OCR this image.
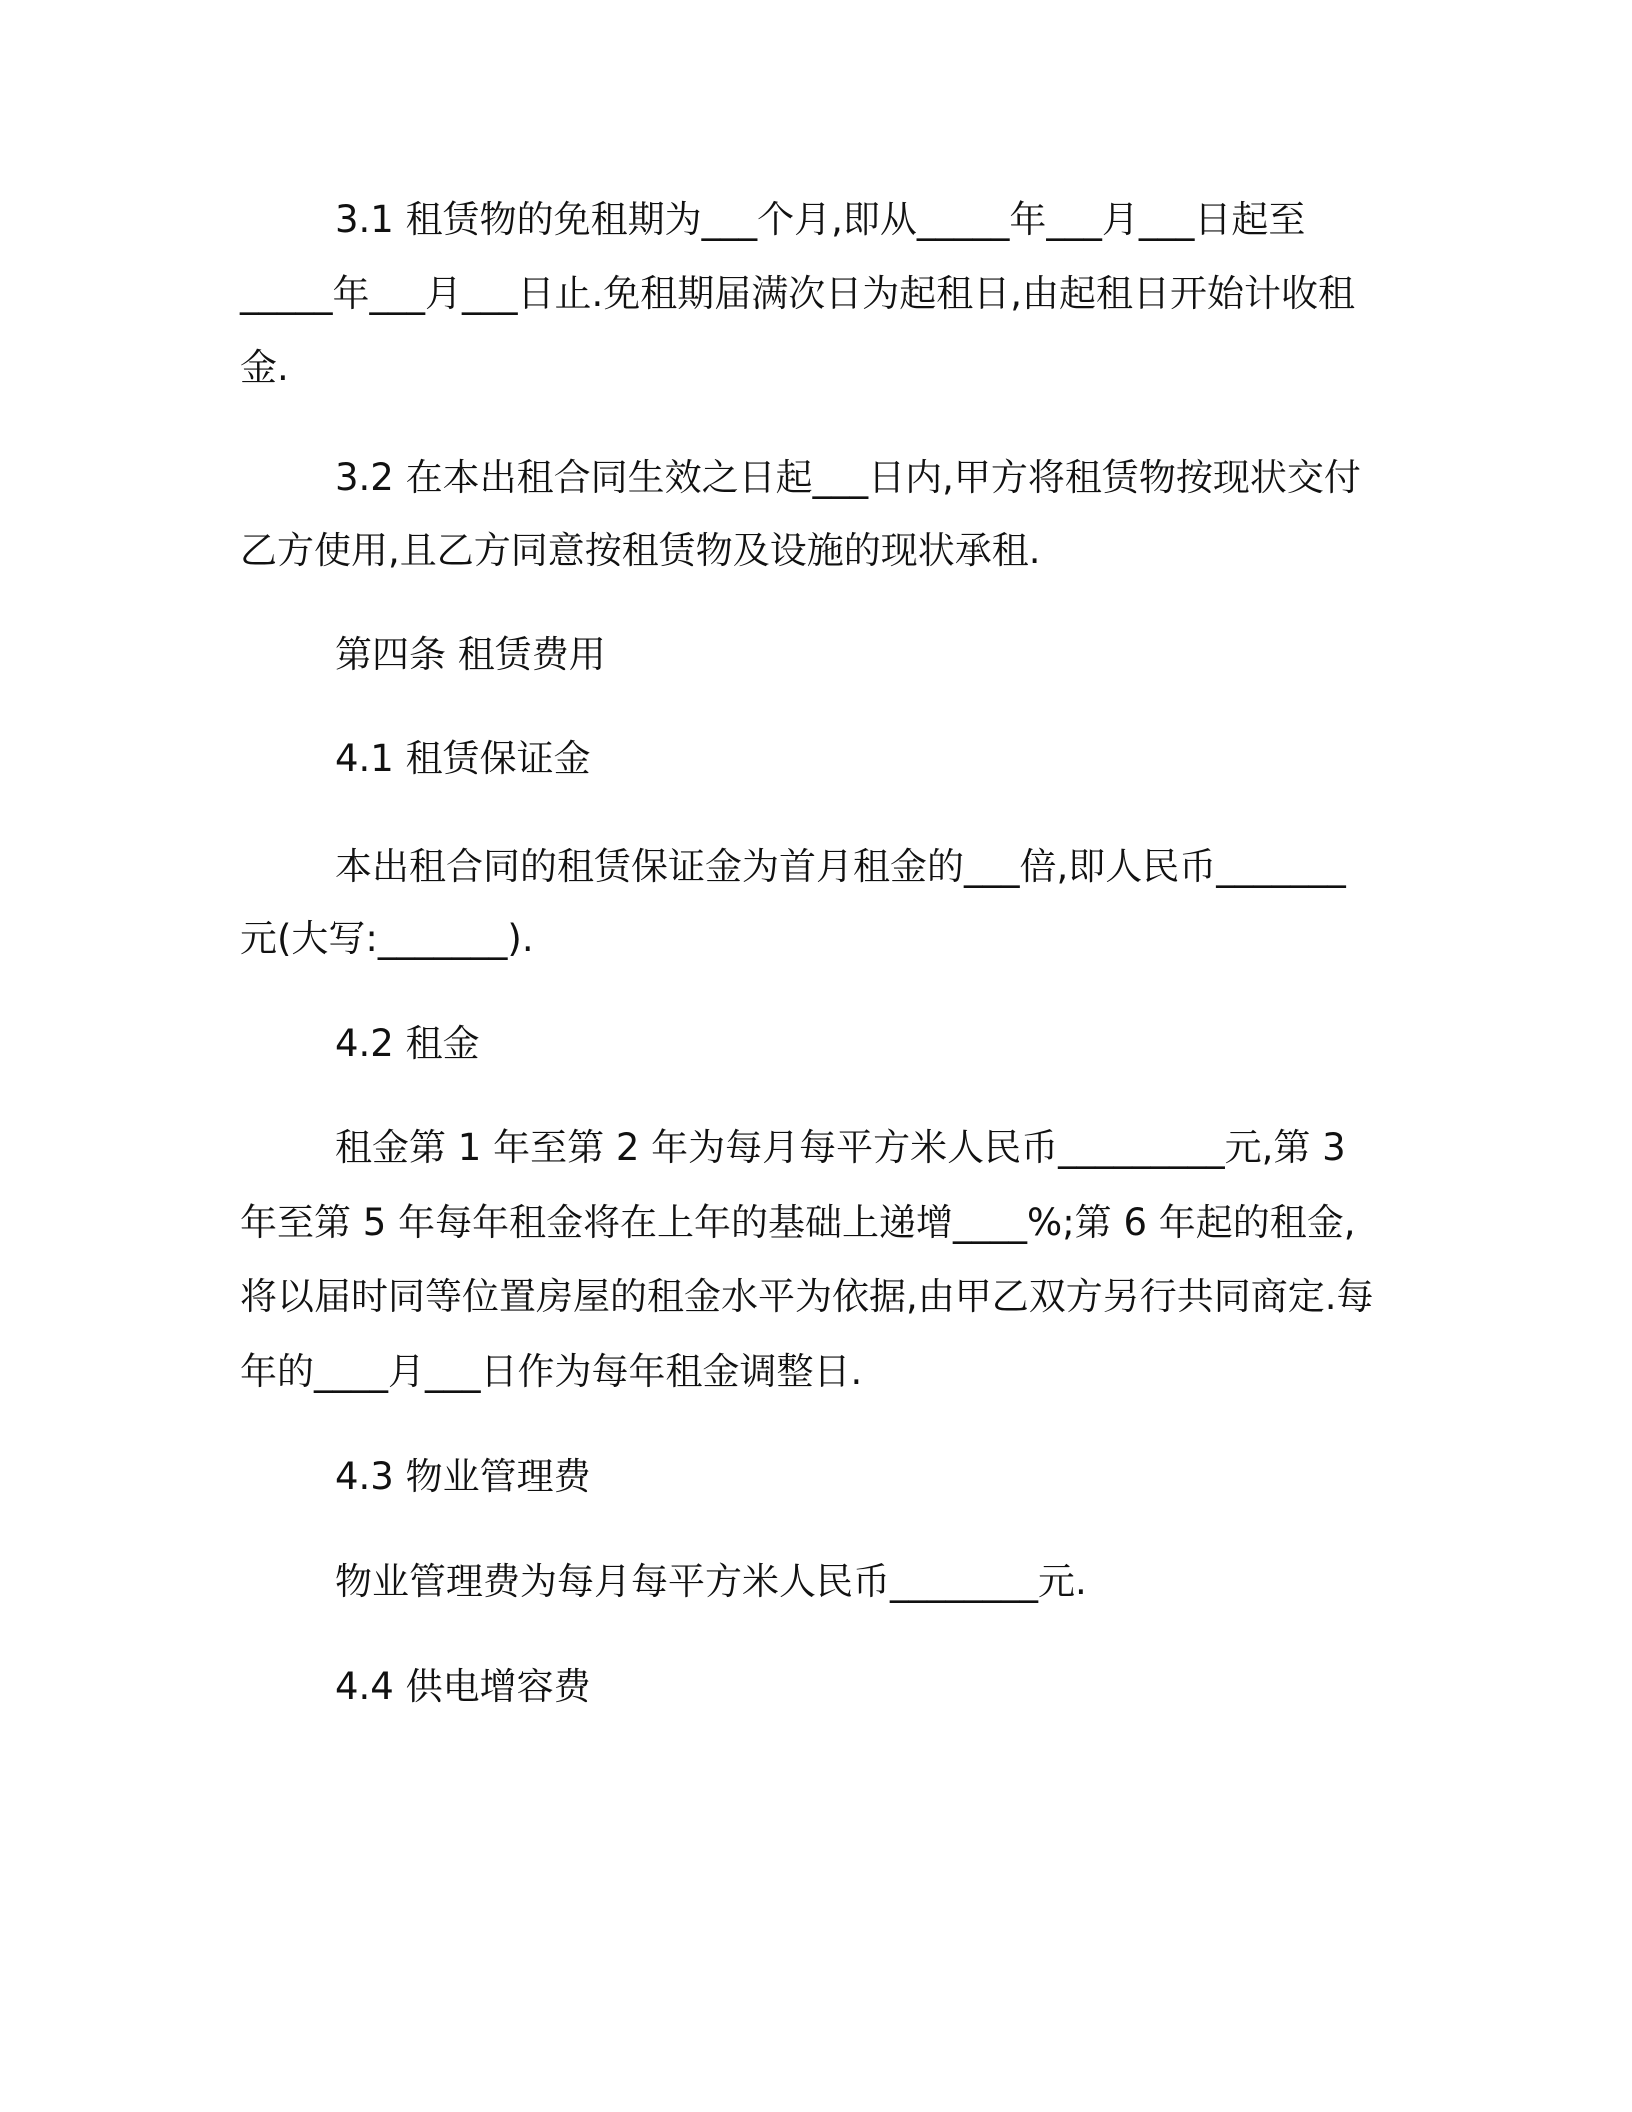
3.1 租赁物的免租期为___个月,即从_____年___月___日起至
_____年___月___日止.免租期届满次日为起租日,由起租日开始计收租
金.
3.2 在本出租合同生效之日起___日内,甲方将租赁物按现状交付
乙方使用,且乙方同意按租赁物及设施的现状承租.
第四条 租赁费用
4.1 租赁保证金
本出租合同的租赁保证金为首月租金的___倍,即人民币_______
元(大写:_______).
4.2 租金
租金第 1 年至第 2 年为每月每平方米人民币_________元,第 3
年至第 5 年每年租金将在上年的基础上递增____%;第 6 年起的租金,
将以届时同等位置房屋的租金水平为依据,由甲乙双方另行共同商定.每
年的____月___日作为每年租金调整日.
4.3 物业管理费
物业管理费为每月每平方米人民币________元.
4.4 供电增容费
